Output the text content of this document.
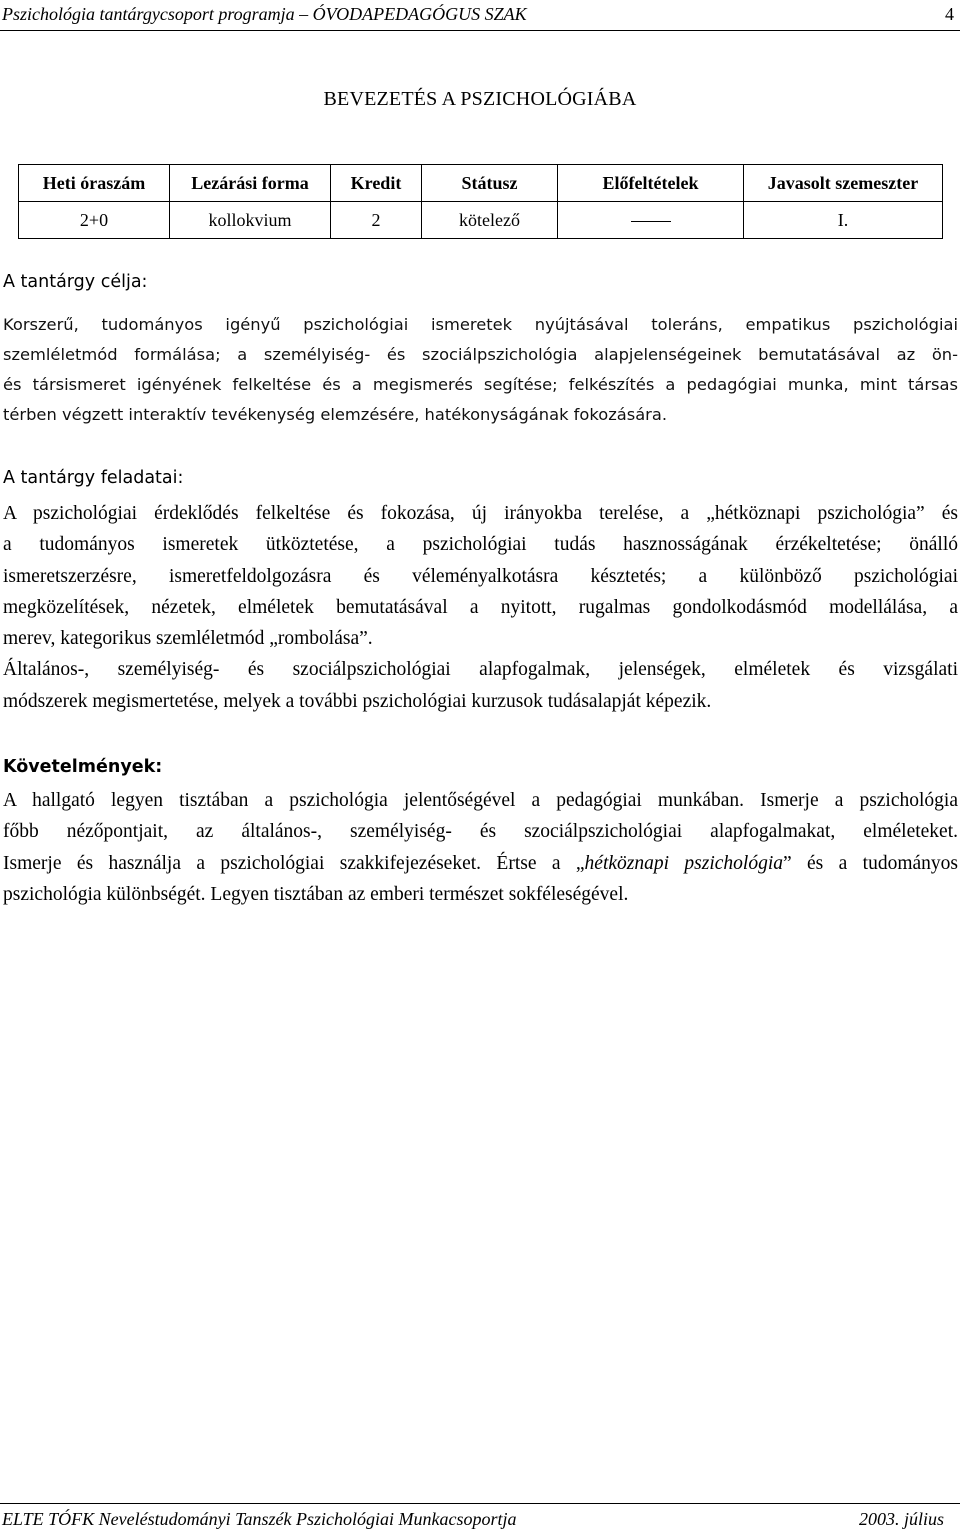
Pszichológia tantárgycsoport programja – ÓVODAPEDAGÓGUS SZAK	4
BEVEZETÉS A PSZICHOLÓGIÁBA
Heti óraszám	Lezárási forma	Kredit	Státusz	Előfeltételek	Javasolt szemeszter
2+0	kollokvium	2	kötelező		I.
A tantárgy célja:
Korszerű, tudományos igényű pszichológiai ismeretek nyújtásával toleráns, empatikus pszichológiai
szemléletmód formálása; a személyiség- és szociálpszichológia alapjelenségeinek bemutatásával az ön-
és társismeret igényének felkeltése és a megismerés segítése; felkészítés a pedagógiai munka, mint társas
térben végzett interaktív tevékenység elemzésére, hatékonyságának fokozására.
A tantárgy feladatai:
A pszichológiai érdeklődés felkeltése és fokozása, új irányokba terelése, a „hétköznapi pszichológia” és
a tudományos ismeretek ütköztetése, a pszichológiai tudás hasznosságának érzékeltetése; önálló
ismeretszerzésre, ismeretfeldolgozásra és véleményalkotásra késztetés; a különböző pszichológiai
megközelítések, nézetek, elméletek bemutatásával a nyitott, rugalmas gondolkodásmód modellálása, a
merev, kategorikus szemléletmód „rombolása”.
Általános-, személyiség- és szociálpszichológiai alapfogalmak, jelenségek, elméletek és vizsgálati
módszerek megismertetése, melyek a további pszichológiai kurzusok tudásalapját képezik.
Követelmények:
A hallgató legyen tisztában a pszichológia jelentőségével a pedagógiai munkában. Ismerje a pszichológia
főbb nézőpontjait, az általános-, személyiség- és szociálpszichológiai alapfogalmakat, elméleteket.
Ismerje és használja a pszichológiai szakkifejezéseket. Értse a „hétköznapi pszichológia” és a tudományos
pszichológia különbségét. Legyen tisztában az emberi természet sokféleségével.
ELTE TÓFK Neveléstudományi Tanszék Pszichológiai Munkacsoportja	2003. július
